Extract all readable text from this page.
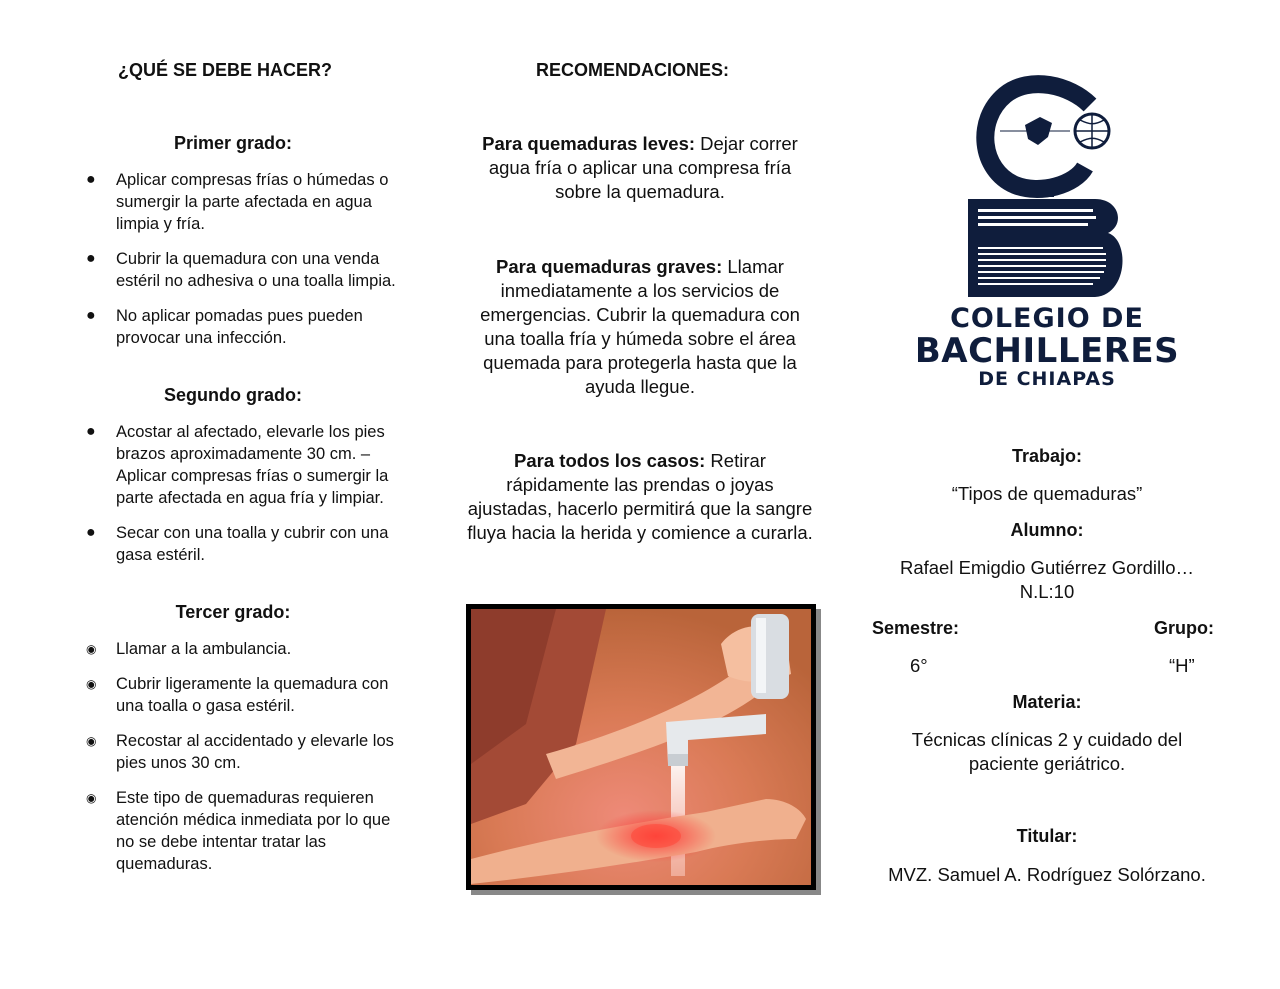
¿QUÉ SE DEBE HACER?
Primer grado:
● Aplicar compresas frías o húmedas o sumergir la parte afectada en agua limpia y fría.
● Cubrir la quemadura con una venda estéril no adhesiva o una toalla limpia.
● No aplicar pomadas pues pueden provocar una infección.
Segundo grado:
● Acostar al afectado, elevarle los pies brazos aproximadamente 30 cm. – Aplicar compresas frías o sumergir la parte afectada en agua fría y limpiar.
● Secar con una toalla y cubrir con una gasa estéril.
Tercer grado:
◉ Llamar a la ambulancia.
◉ Cubrir ligeramente la quemadura con una toalla o gasa estéril.
◉ Recostar al accidentado y elevarle los pies unos 30 cm.
◉ Este tipo de quemaduras requieren atención médica inmediata por lo que no se debe intentar tratar las quemaduras.
RECOMENDACIONES:
Para quemaduras leves: Dejar correr agua fría o aplicar una compresa fría sobre la quemadura.
Para quemaduras graves: Llamar inmediatamente a los servicios de emergencias. Cubrir la quemadura con una toalla fría y húmeda sobre el área quemada para protegerla hasta que la ayuda llegue.
Para todos los casos: Retirar rápidamente las prendas o joyas ajustadas, hacerlo permitirá que la sangre fluya hacia la herida y comience a curarla.
COLEGIO DE
BACHILLERES
DE CHIAPAS
Trabajo:
“Tipos de quemaduras”
Alumno:
Rafael Emigdio Gutiérrez Gordillo…
N.L:10
Semestre:	Grupo:
6°	“H”
Materia:
Técnicas clínicas 2 y cuidado del paciente geriátrico.
Titular:
MVZ. Samuel A. Rodríguez Solórzano.
